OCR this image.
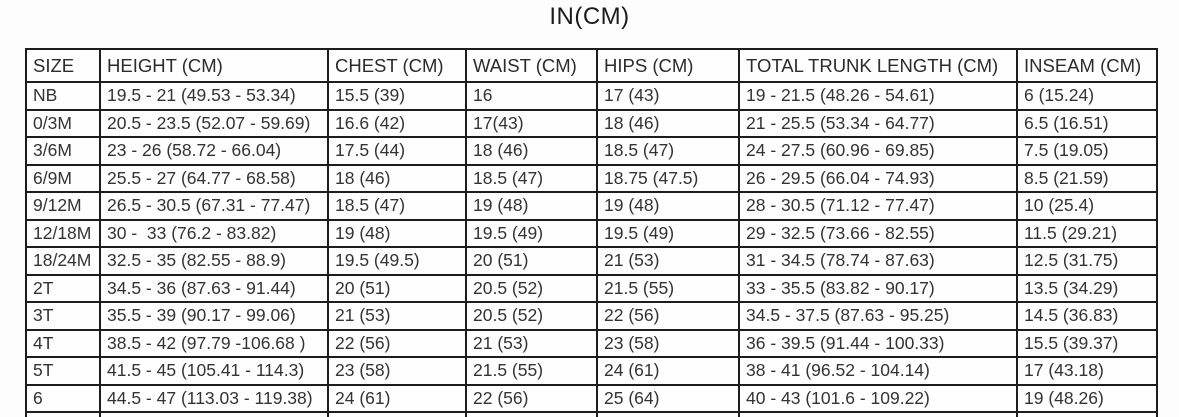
IN(CM)
SIZE	HEIGHT (CM)	CHEST (CM)	WAIST (CM)	HIPS (CM)	TOTAL TRUNK LENGTH (CM)	INSEAM (CM)
NB	19.5 - 21 (49.53 - 53.34)	15.5 (39)	16	17 (43)	19 - 21.5 (48.26 - 54.61)	6 (15.24)
0/3M	20.5 - 23.5 (52.07 - 59.69)	16.6 (42)	17(43)	18 (46)	21 - 25.5 (53.34 - 64.77)	6.5 (16.51)
3/6M	23 - 26 (58.72 - 66.04)	17.5 (44)	18 (46)	18.5 (47)	24 - 27.5 (60.96 - 69.85)	7.5 (19.05)
6/9M	25.5 - 27 (64.77 - 68.58)	18 (46)	18.5 (47)	18.75 (47.5)	26 - 29.5 (66.04 - 74.93)	8.5 (21.59)
9/12M	26.5 - 30.5 (67.31 - 77.47)	18.5 (47)	19 (48)	19 (48)	28 - 30.5 (71.12 - 77.47)	10 (25.4)
12/18M	30 -  33 (76.2 - 83.82)	19 (48)	19.5 (49)	19.5 (49)	29 - 32.5 (73.66 - 82.55)	11.5 (29.21)
18/24M	32.5 - 35 (82.55 - 88.9)	19.5 (49.5)	20 (51)	21 (53)	31 - 34.5 (78.74 - 87.63)	12.5 (31.75)
2T	34.5 - 36 (87.63 - 91.44)	20 (51)	20.5 (52)	21.5 (55)	33 - 35.5 (83.82 - 90.17)	13.5 (34.29)
3T	35.5 - 39 (90.17 - 99.06)	21 (53)	20.5 (52)	22 (56)	34.5 - 37.5 (87.63 - 95.25)	14.5 (36.83)
4T	38.5 - 42 (97.79 -106.68 )	22 (56)	21 (53)	23 (58)	36 - 39.5 (91.44 - 100.33)	15.5 (39.37)
5T	41.5 - 45 (105.41 - 114.3)	23 (58)	21.5 (55)	24 (61)	38 - 41 (96.52 - 104.14)	17 (43.18)
6	44.5 - 47 (113.03 - 119.38)	24 (61)	22 (56)	25 (64)	40 - 43 (101.6 - 109.22)	19 (48.26)
